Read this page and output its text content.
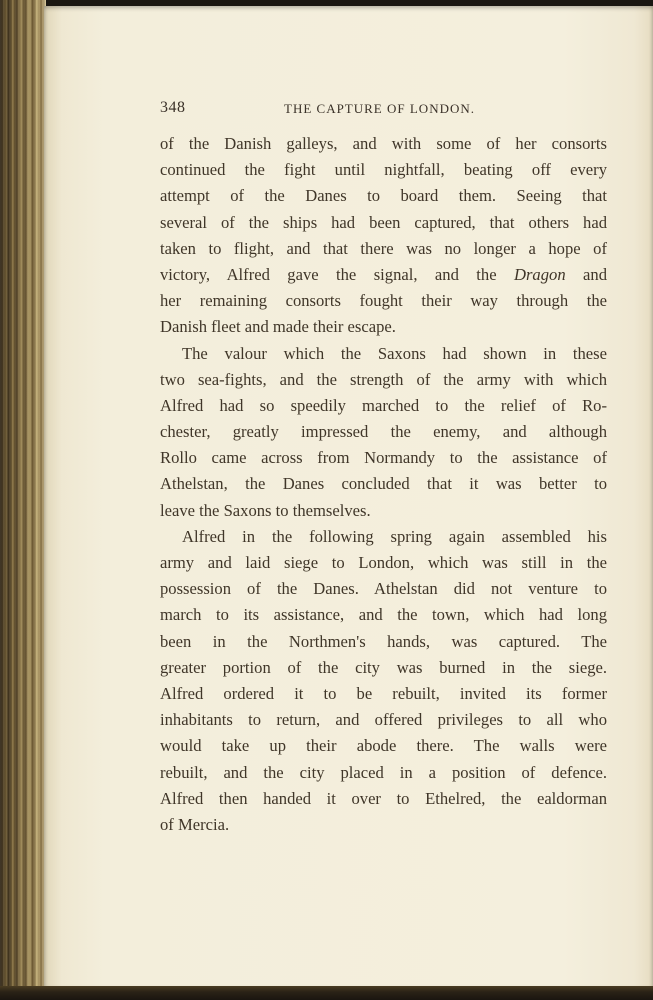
348	THE CAPTURE OF LONDON.
of the Danish galleys, and with some of her consorts
continued the fight until nightfall, beating off every
attempt of the Danes to board them. Seeing that
several of the ships had been captured, that others had
taken to flight, and that there was no longer a hope of
victory, Alfred gave the signal, and the Dragon and
her remaining consorts fought their way through the
Danish fleet and made their escape.
The valour which the Saxons had shown in these
two sea-fights, and the strength of the army with which
Alfred had so speedily marched to the relief of Ro-
chester, greatly impressed the enemy, and although
Rollo came across from Normandy to the assistance of
Athelstan, the Danes concluded that it was better to
leave the Saxons to themselves.
Alfred in the following spring again assembled his
army and laid siege to London, which was still in the
possession of the Danes. Athelstan did not venture to
march to its assistance, and the town, which had long
been in the Northmen's hands, was captured. The
greater portion of the city was burned in the siege.
Alfred ordered it to be rebuilt, invited its former
inhabitants to return, and offered privileges to all who
would take up their abode there. The walls were
rebuilt, and the city placed in a position of defence.
Alfred then handed it over to Ethelred, the ealdorman
of Mercia.
